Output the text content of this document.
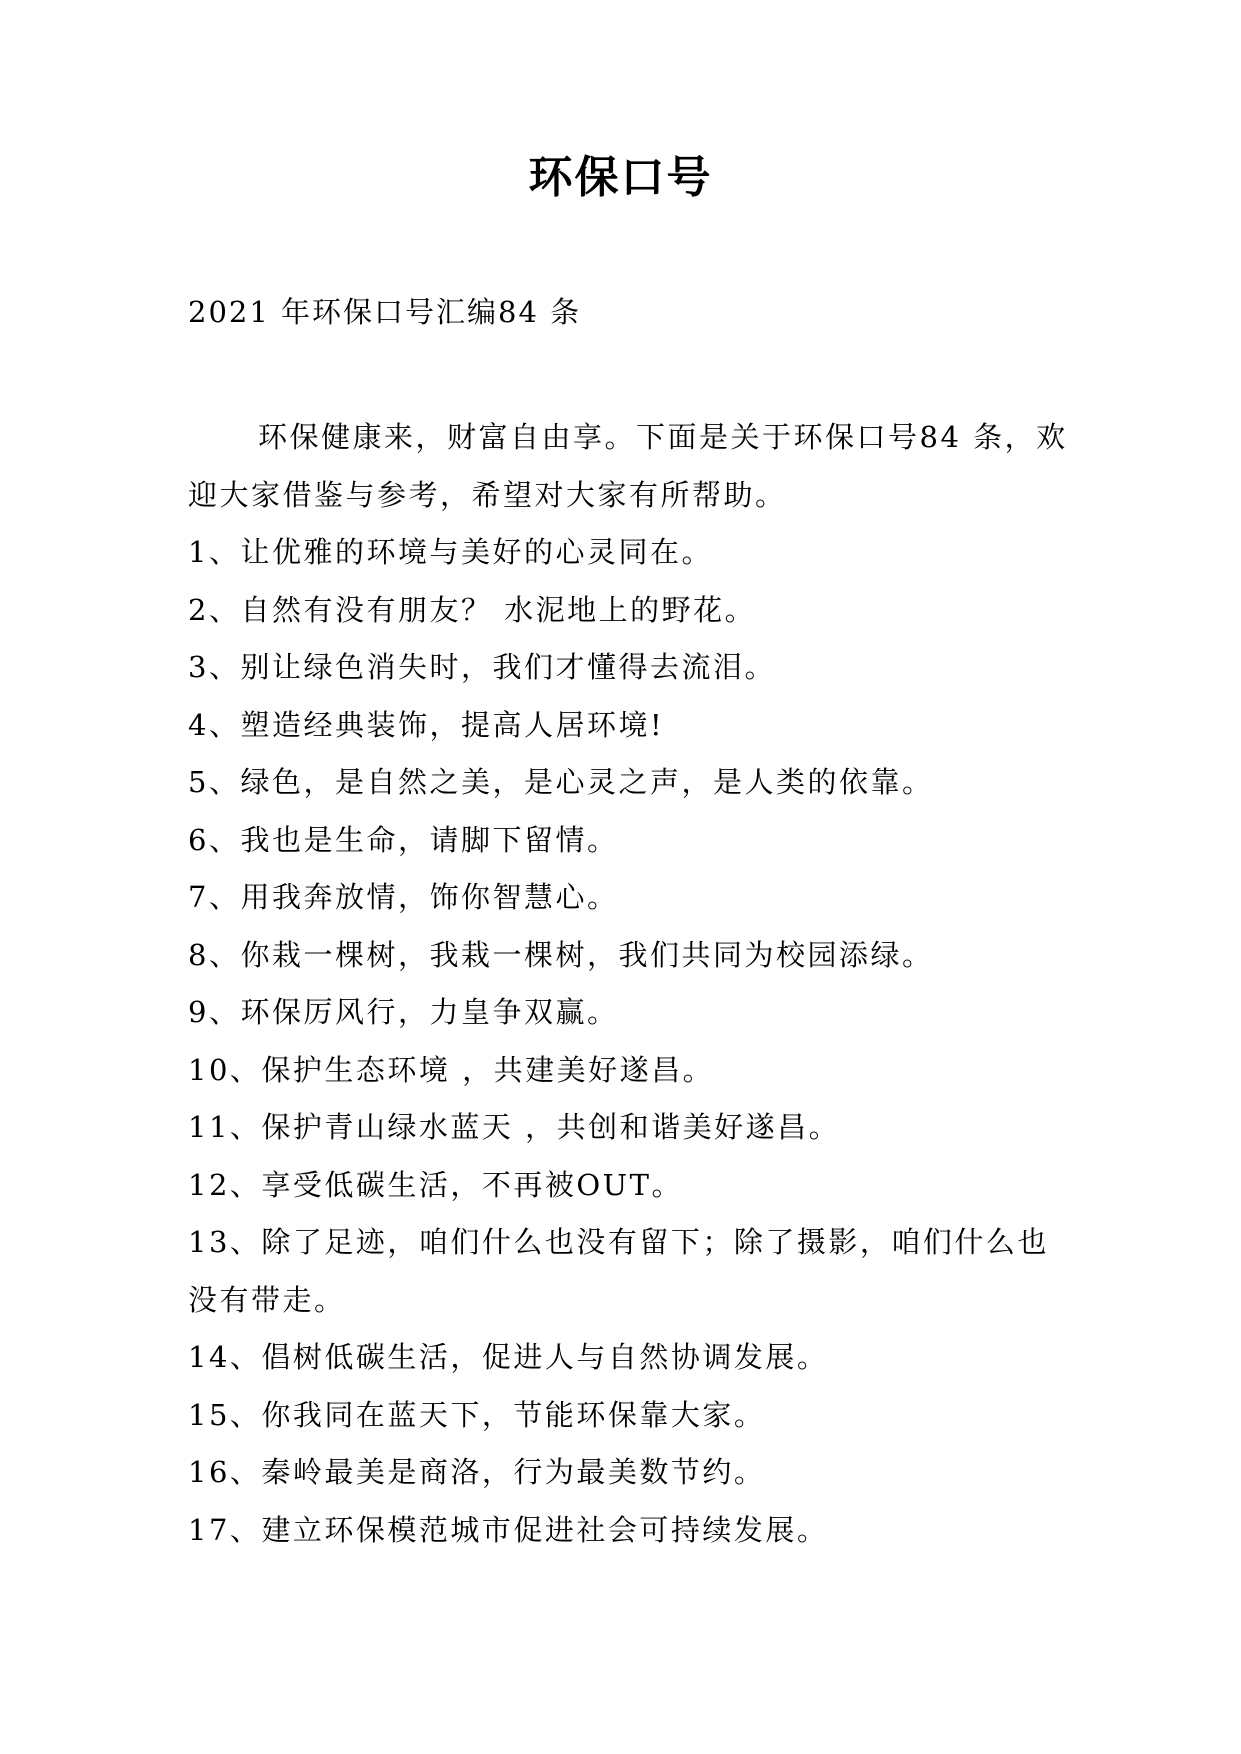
环保口号
2021 年环保口号汇编84 条

环保健康来，财富自由享。下面是关于环保口号84 条，欢迎大家借鉴与参考，希望对大家有所帮助。

1、让优雅的环境与美好的心灵同在。

2、自然有没有朋友？ 水泥地上的野花。

3、别让绿色消失时，我们才懂得去流泪。

4、塑造经典装饰，提高人居环境!

5、绿色，是自然之美，是心灵之声，是人类的依靠。

6、我也是生命，请脚下留情。

7、用我奔放情，饰你智慧心。

8、你栽一棵树，我栽一棵树，我们共同为校园添绿。

9、环保厉风行，力皇争双赢。

10、保护生态环境 ，共建美好遂昌。

11、保护青山绿水蓝天 ，共创和谐美好遂昌。

12、享受低碳生活，不再被OUT。

13、除了足迹，咱们什么也没有留下；除了摄影，咱们什么也没有带走。

14、倡树低碳生活，促进人与自然协调发展。

15、你我同在蓝天下，节能环保靠大家。

16、秦岭最美是商洛，行为最美数节约。

17、建立环保模范城市促进社会可持续发展。
